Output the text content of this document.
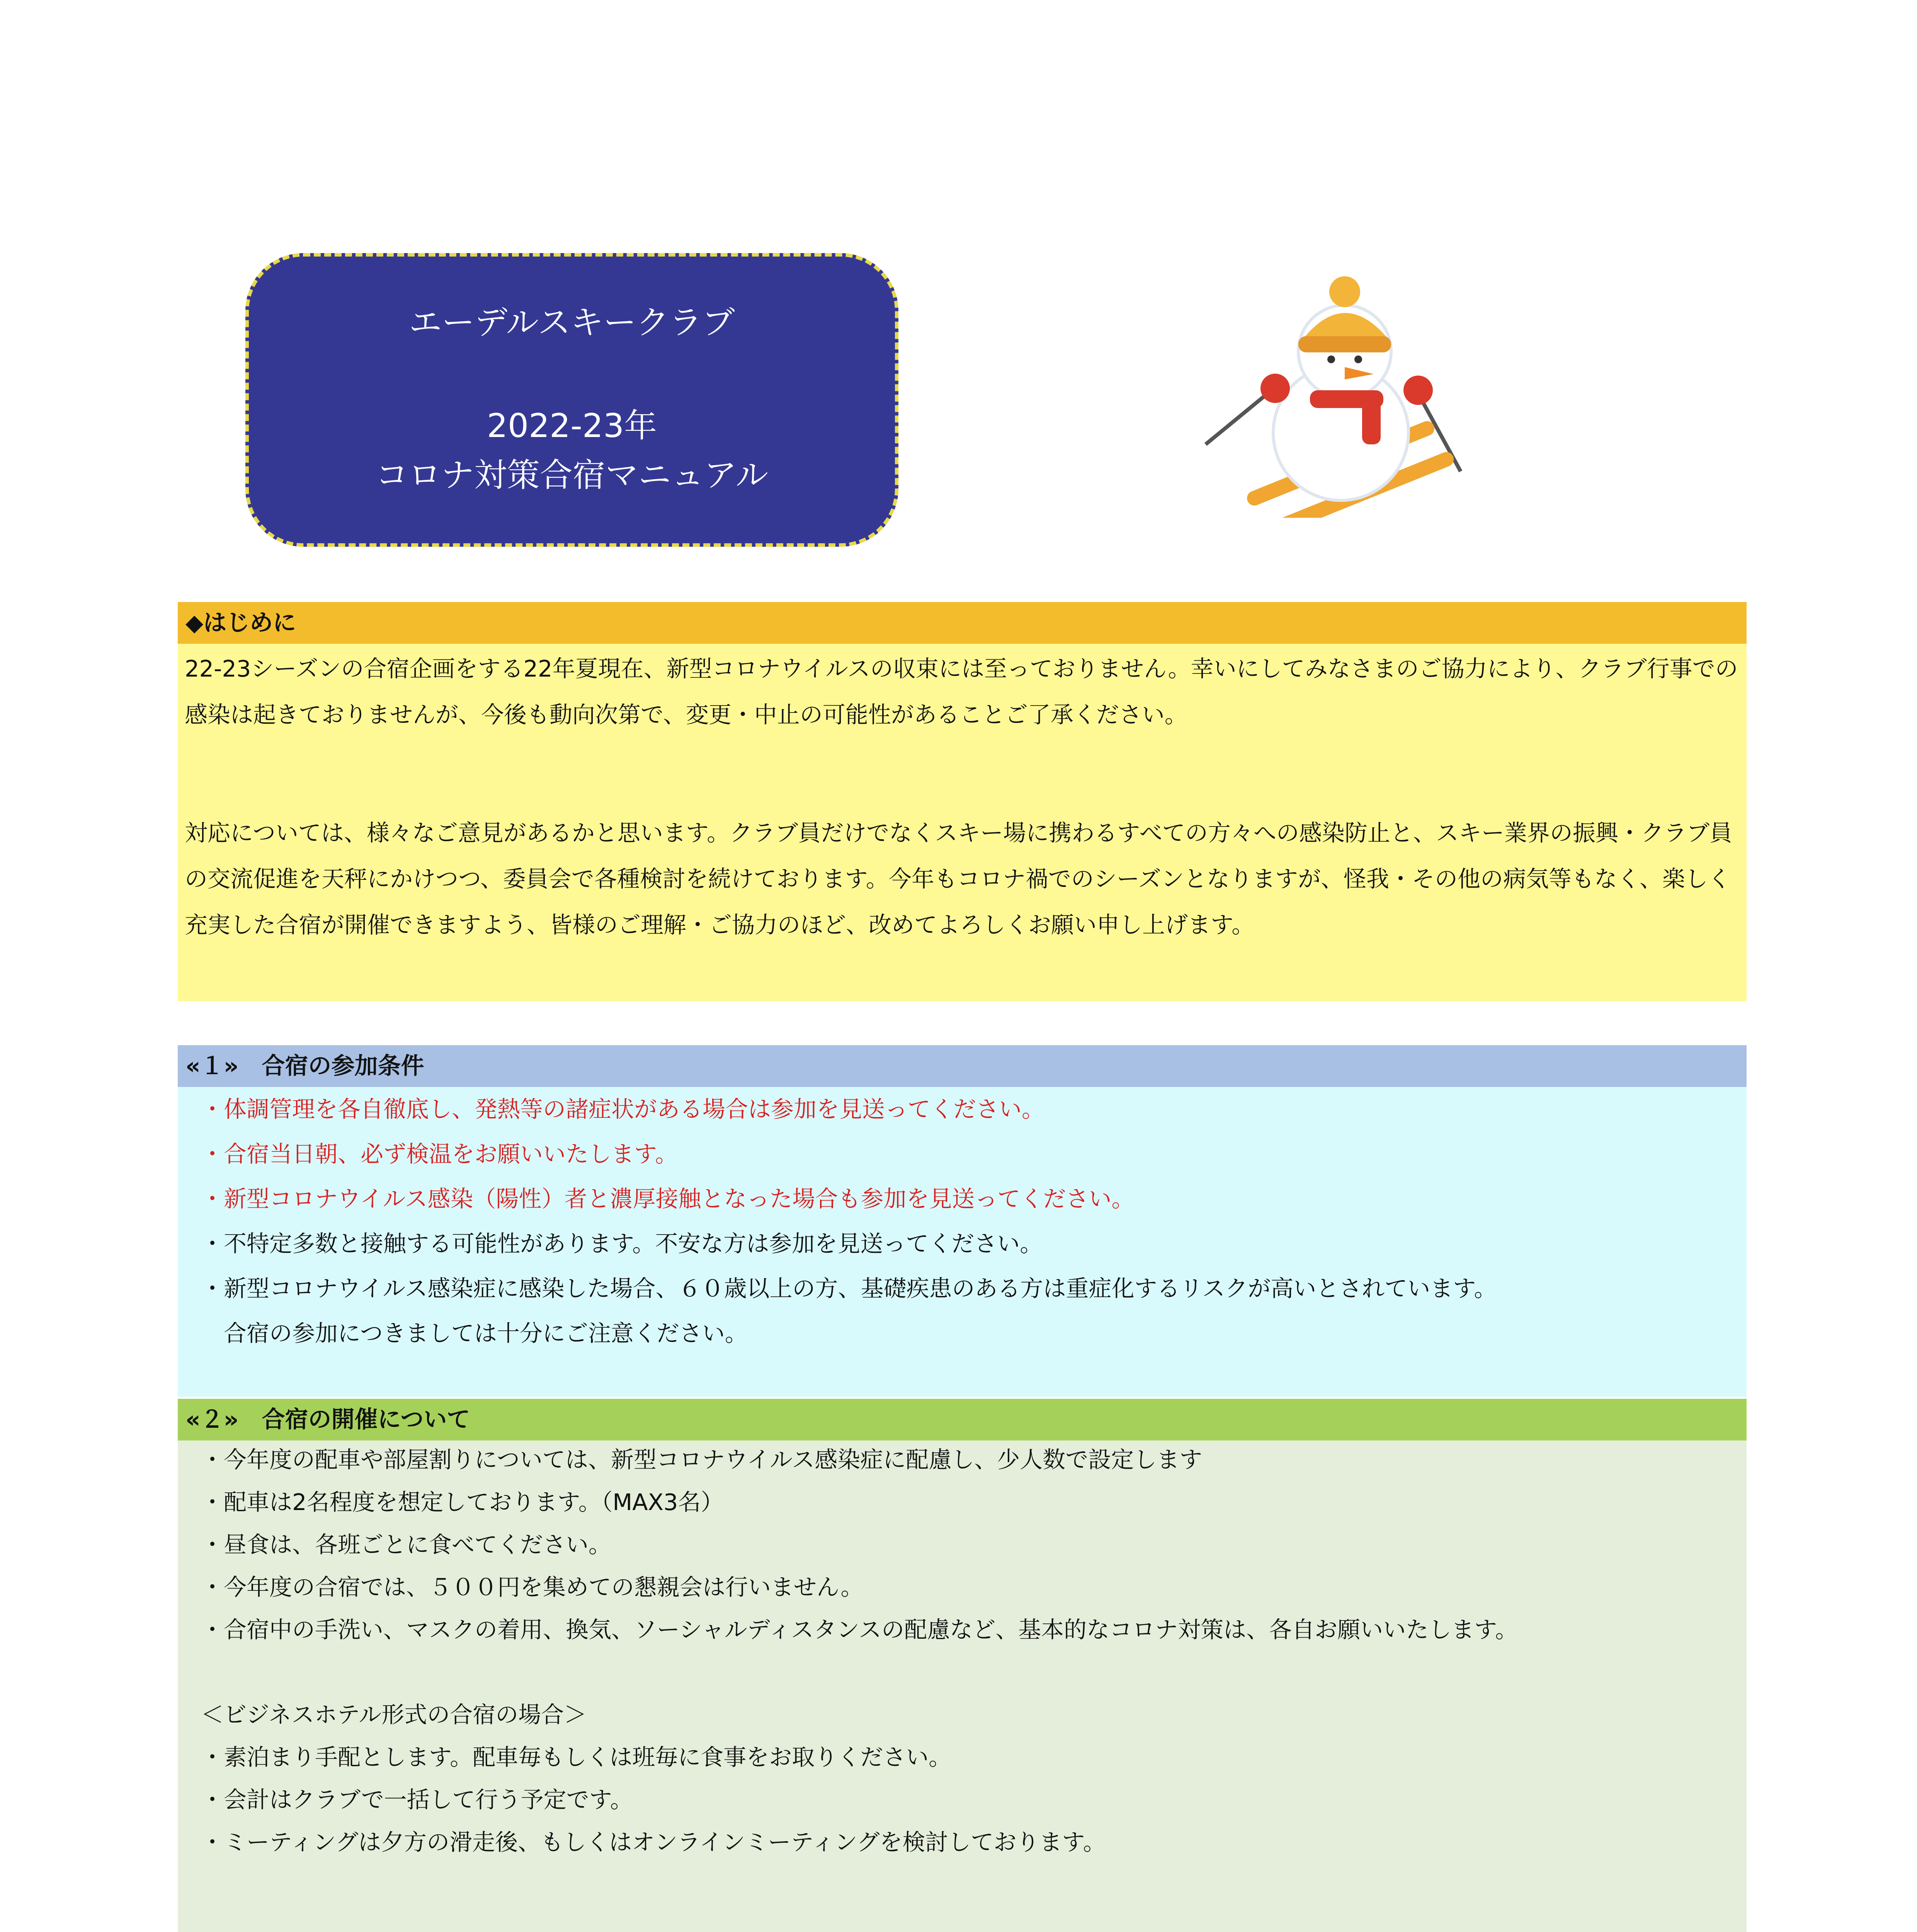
エーデルスキークラブ
2022-23年
コロナ対策合宿マニュアル
◆はじめに
22-23シーズンの合宿企画をする22年夏現在、新型コロナウイルスの収束には至っておりません。幸いにしてみなさまのご協力により、クラブ行事での感染は起きておりませんが、今後も動向次第で、変更・中止の可能性があることご了承ください。
対応については、様々なご意見があるかと思います。クラブ員だけでなくスキー場に携わるすべての方々への感染防止と、スキー業界の振興・クラブ員の交流促進を天秤にかけつつ、委員会で各種検討を続けております。今年もコロナ禍でのシーズンとなりますが、怪我・その他の病気等もなく、楽しく充実した合宿が開催できますよう、皆様のご理解・ご協力のほど、改めてよろしくお願い申し上げます。
«１»　合宿の参加条件
・体調管理を各自徹底し、発熱等の諸症状がある場合は参加を見送ってください。
・合宿当日朝、必ず検温をお願いいたします。
・新型コロナウイルス感染（陽性）者と濃厚接触となった場合も参加を見送ってください。
・不特定多数と接触する可能性があります。不安な方は参加を見送ってください。
・新型コロナウイルス感染症に感染した場合、６０歳以上の方、基礎疾患のある方は重症化するリスクが高いとされています。
　合宿の参加につきましては十分にご注意ください。
«２»　合宿の開催について
・今年度の配車や部屋割りについては、新型コロナウイルス感染症に配慮し、少人数で設定します
・配車は2名程度を想定しております。（MAX3名）
・昼食は、各班ごとに食べてください。
・今年度の合宿では、５００円を集めての懇親会は行いません。
・合宿中の手洗い、マスクの着用、換気、ソーシャルディスタンスの配慮など、基本的なコロナ対策は、各自お願いいたします。
＜ビジネスホテル形式の合宿の場合＞
・素泊まり手配とします。配車毎もしくは班毎に食事をお取りください。
・会計はクラブで一括して行う予定です。
・ミーティングは夕方の滑走後、もしくはオンラインミーティングを検討しております。
